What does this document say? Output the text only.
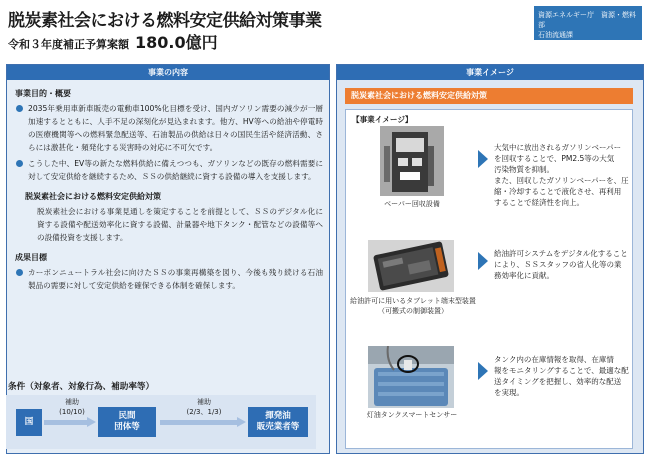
脱炭素社会における燃料安定供給対策事業
令和３年度補正予算案額 180.0億円
資源エネルギー庁　資源・燃料部
石油流通課
事業の内容
事業目的・概要
2035年乗用車新車販売の電動車100%化目標を受け、国内ガソリン需要の減少が一層加速するとともに、人手不足の深刻化が見込まれます。他方、HV等への給油や停電時の医療機関等への燃料緊急配送等、石油製品の供給は日々の国民生活や経済活動、さらには激甚化・頻発化する災害時の対応に不可欠です。
こうした中、EV等の新たな燃料供給に備えつつも、ガソリンなどの既存の燃料需要に対して安定供給を継続するため、ＳＳの供給継続に資する設備の導入を支援します。
脱炭素社会における燃料安定供給対策
脱炭素社会における事業見通しを策定することを前提として、ＳＳのデジタル化に資する設備や配送効率化に資する設備、計量器や地下タンク・配管などの設備等への設備投資を支援します。
成果目標
カーボンニュートラル社会に向けたＳＳの事業再構築を図り、今後も残り続ける石油製品の需要に対して安定供給を確保できる体制を確保します。
条件（対象者、対象行為、補助率等）
国
補助
(10/10)	民間
団体等
補助
(2/3、1/3)	揮発油
販売業者等
事業イメージ
脱炭素社会における燃料安定供給対策
【事業イメージ】
ベーパー回収設備
大気中に放出されるガソリンベーパー
を回収することで、PM2.5等の大気
汚染物質を抑制。
また、回収したガソリンベーパーを、圧
縮・冷却することで液化させ、再利用
することで経済性を向上。
給油許可に用いるタブレット端末型装置
（可搬式の制御装置）
給油許可システムをデジタル化すること
により、ＳＳスタッフの省人化等の業
務効率化に貢献。
灯油タンクスマートセンサー
タンク内の在庫情報を取得、在庫情
報をモニタリングすることで、最適な配
送タイミングを把握し、効率的な配送
を実現。
